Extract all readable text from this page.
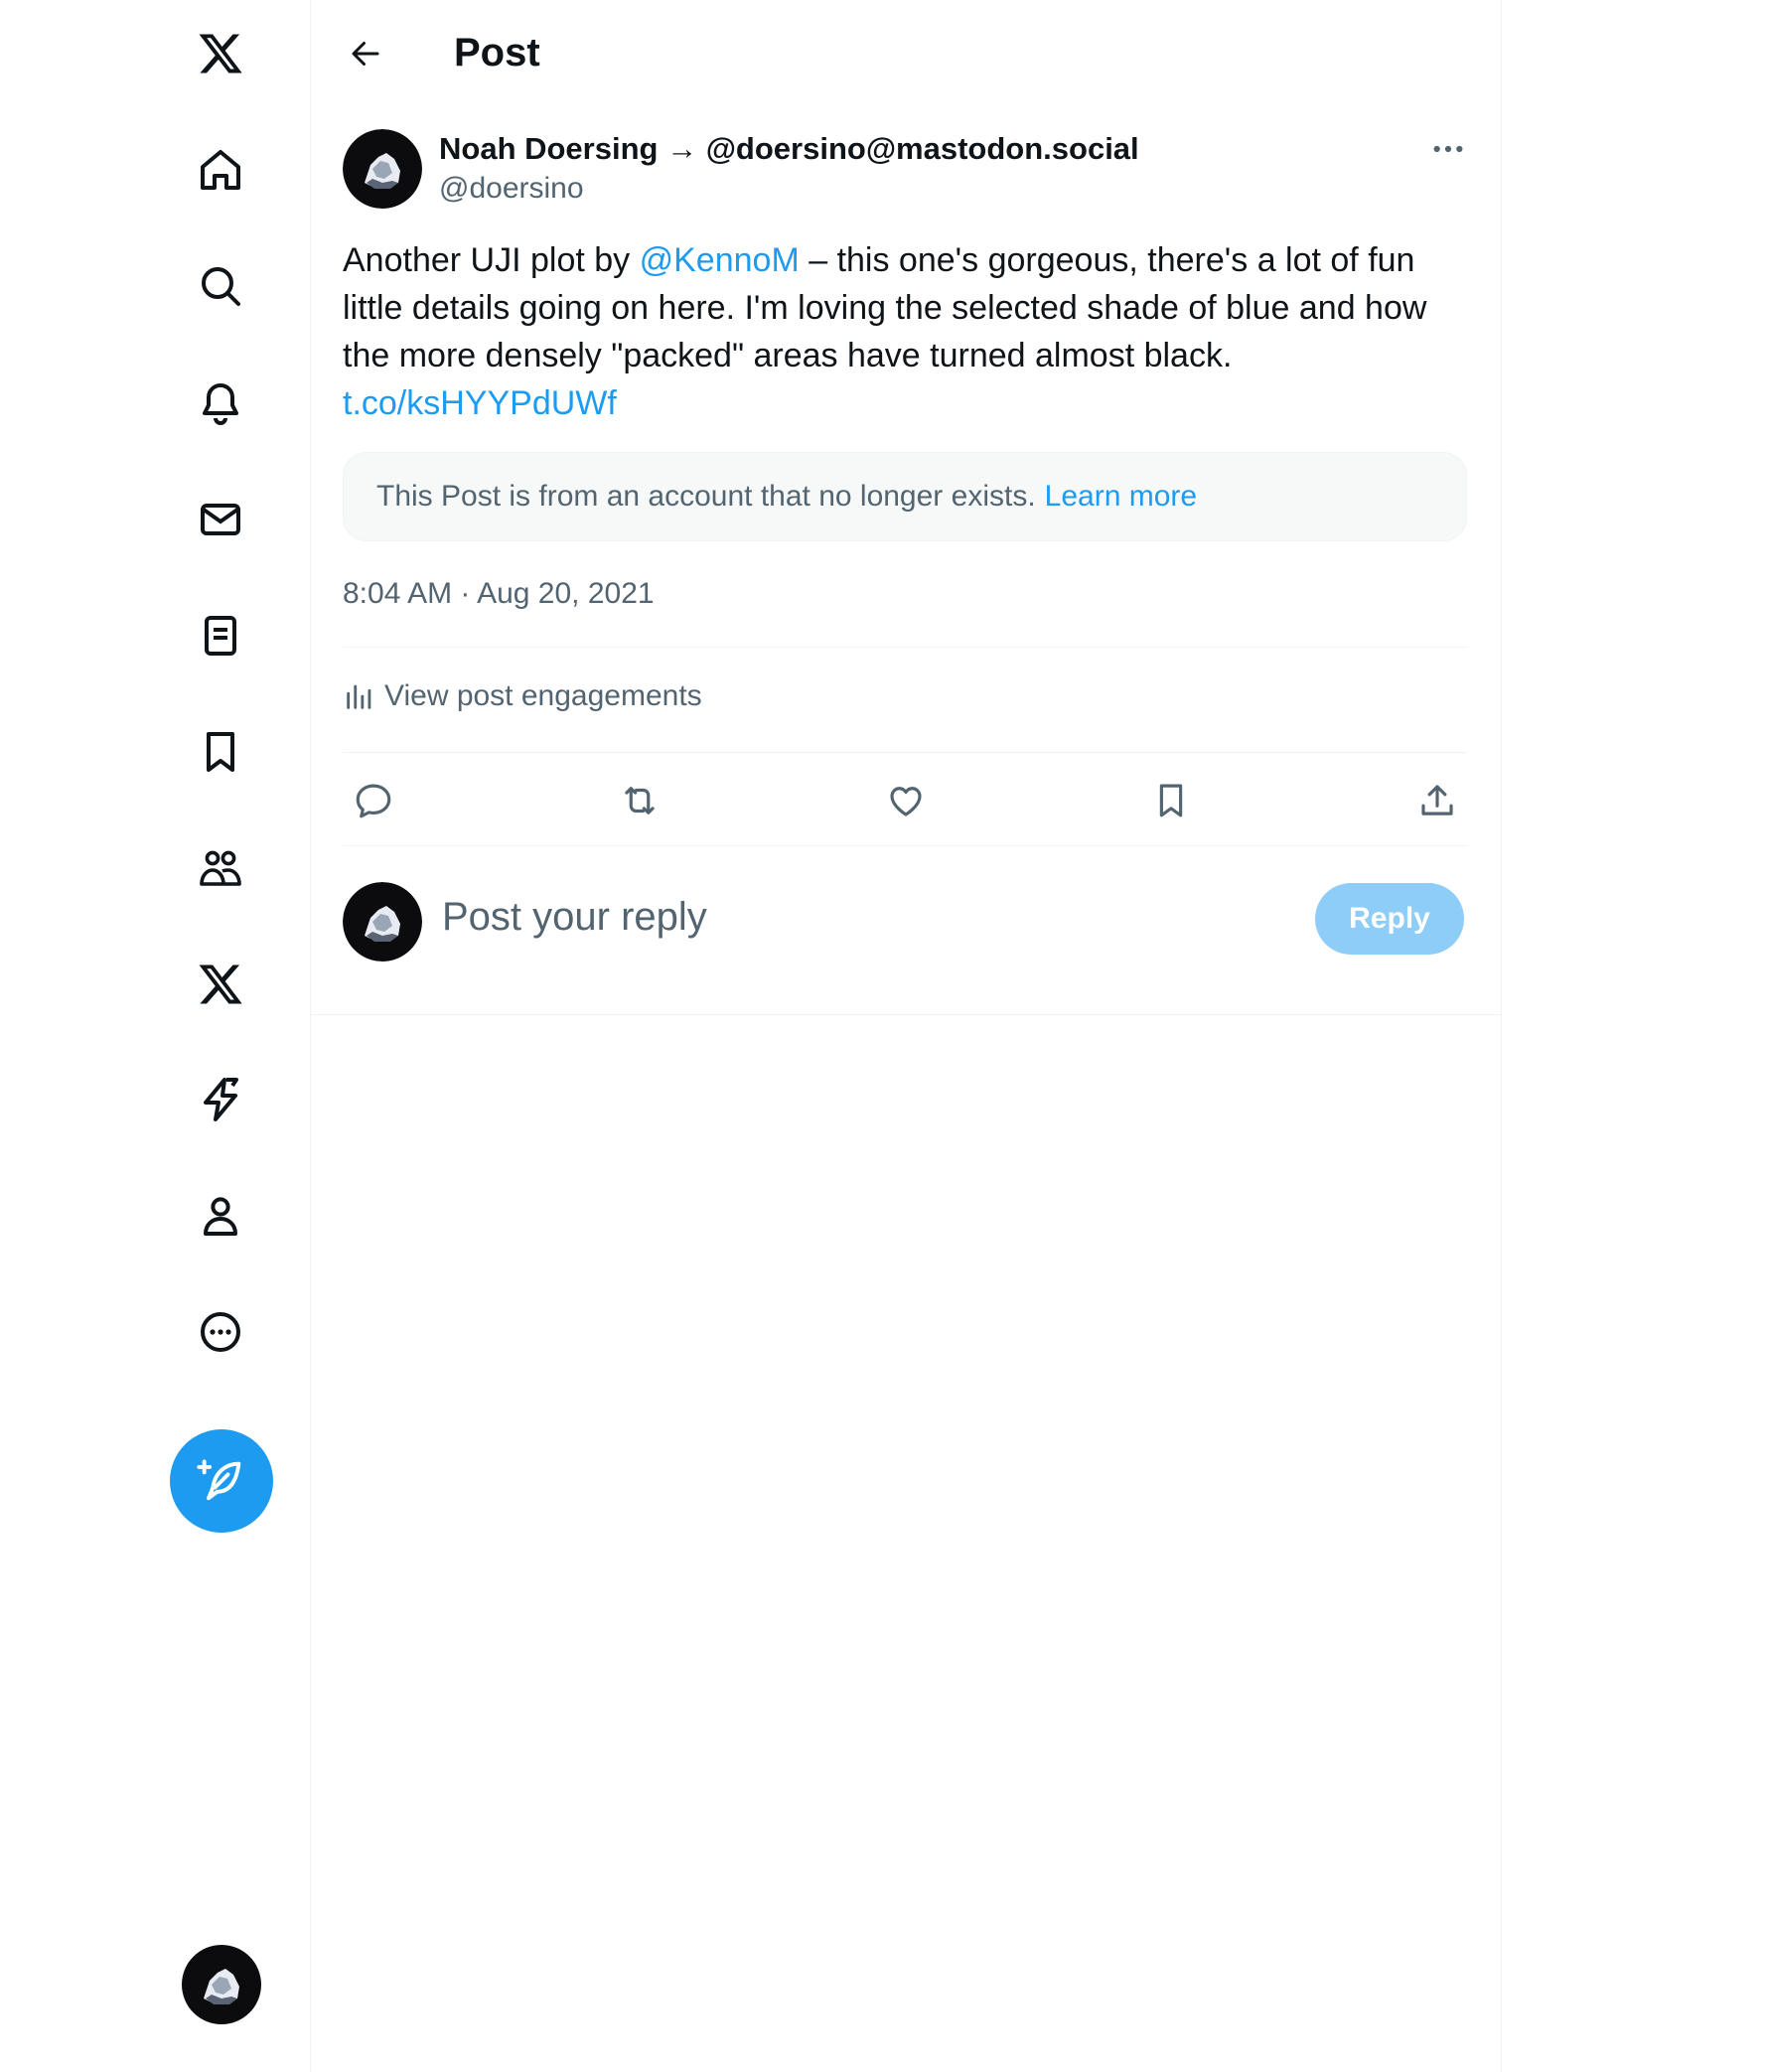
Post
Noah Doersing → @doersino@mastodon.social
@doersino
Another UJI plot by @KennoM – this one's gorgeous, there's a lot of fun little details going on here. I'm loving the selected shade of blue and how the more densely "packed" areas have turned almost black.
t.co/ksHYYPdUWf
This Post is from an account that no longer exists. Learn more
8:04 AM · Aug 20, 2021
View post engagements
Post your reply	Reply
